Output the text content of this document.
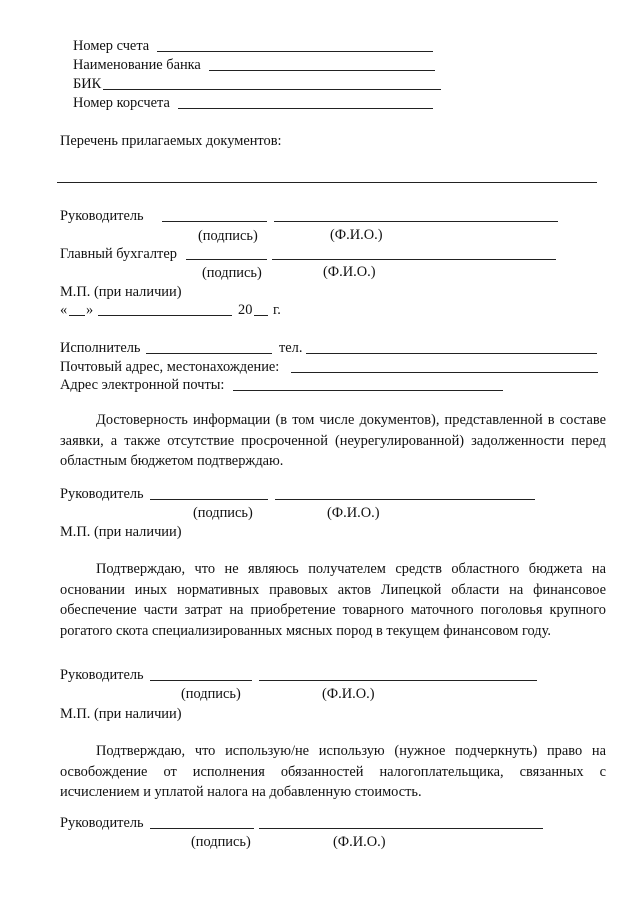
Номер счета
Наименование банка
БИК
Номер корсчета
Перечень прилагаемых документов:
Руководитель
(подпись)	(Ф.И.О.)
Главный бухгалтер
(подпись)	(Ф.И.О.)
М.П. (при наличии)
« »	20 г.
Исполнитель	тел.
Почтовый адрес, местонахождение:
Адрес электронной почты:

Достоверность информации (в том числе документов), представленной в составе заявки, а также отсутствие просроченной (неурегулированной) задолженности перед областным бюджетом подтверждаю.

Руководитель
(подпись)	(Ф.И.О.)
М.П. (при наличии)

Подтверждаю, что не являюсь получателем средств областного бюджета на основании иных нормативных правовых актов Липецкой области на финансовое обеспечение части затрат на приобретение товарного маточного поголовья крупного рогатого скота специализированных мясных пород в текущем финансовом году.

Руководитель
(подпись)	(Ф.И.О.)
М.П. (при наличии)

Подтверждаю, что использую/не использую (нужное подчеркнуть) право на освобождение от исполнения обязанностей налогоплательщика, связанных с исчислением и уплатой налога на добавленную стоимость.

Руководитель
(подпись)	(Ф.И.О.)
